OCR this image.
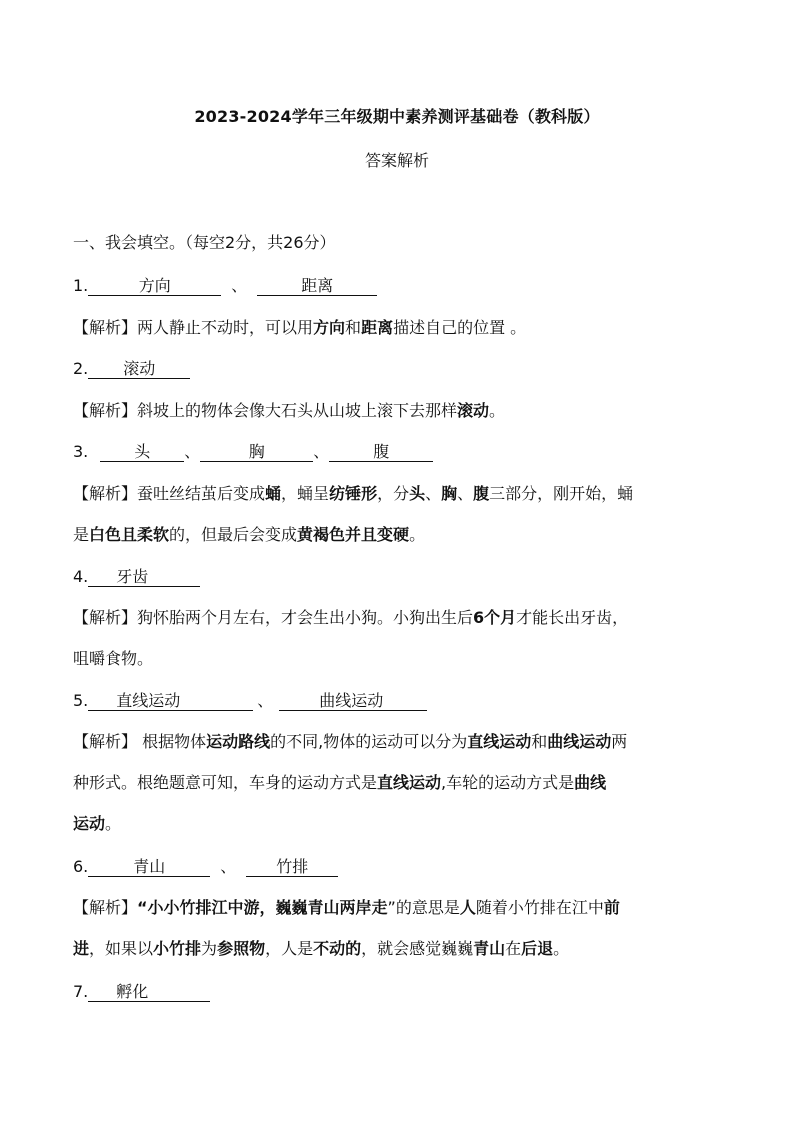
2023-2024学年三年级期中素养测评基础卷（教科版）
答案解析
一、我会填空。（每空2分，共26分）
1.	方向	、	距离
【解析】两人静止不动时，可以用方向和距离描述自己的位置 。
2. 滚动
【解析】斜坡上的物体会像大石头从山坡上滚下去那样滚动。
3.	头 、	胸	、	腹
【解析】蚕吐丝结茧后变成蛹，蛹呈纺锤形，分头、胸、腹三部分，刚开始，蛹
是白色且柔软的，但最后会变成黄褐色并且变硬。
4. 牙齿
【解析】狗怀胎两个月左右，才会生出小狗。小狗出生后6个月才能长出牙齿，
咀嚼食物。
5. 直线运动	、	曲线运动
【解析】 根据物体运动路线的不同,物体的运动可以分为直线运动和曲线运动两
种形式。根绝题意可知，车身的运动方式是直线运动,车轮的运动方式是曲线
运动。
6.	青山	、 竹排
【解析】“小小竹排江中游，巍巍青山两岸走”的意思是人随着小竹排在江中前
进，如果以小竹排为参照物，人是不动的，就会感觉巍巍青山在后退。
7. 孵化
